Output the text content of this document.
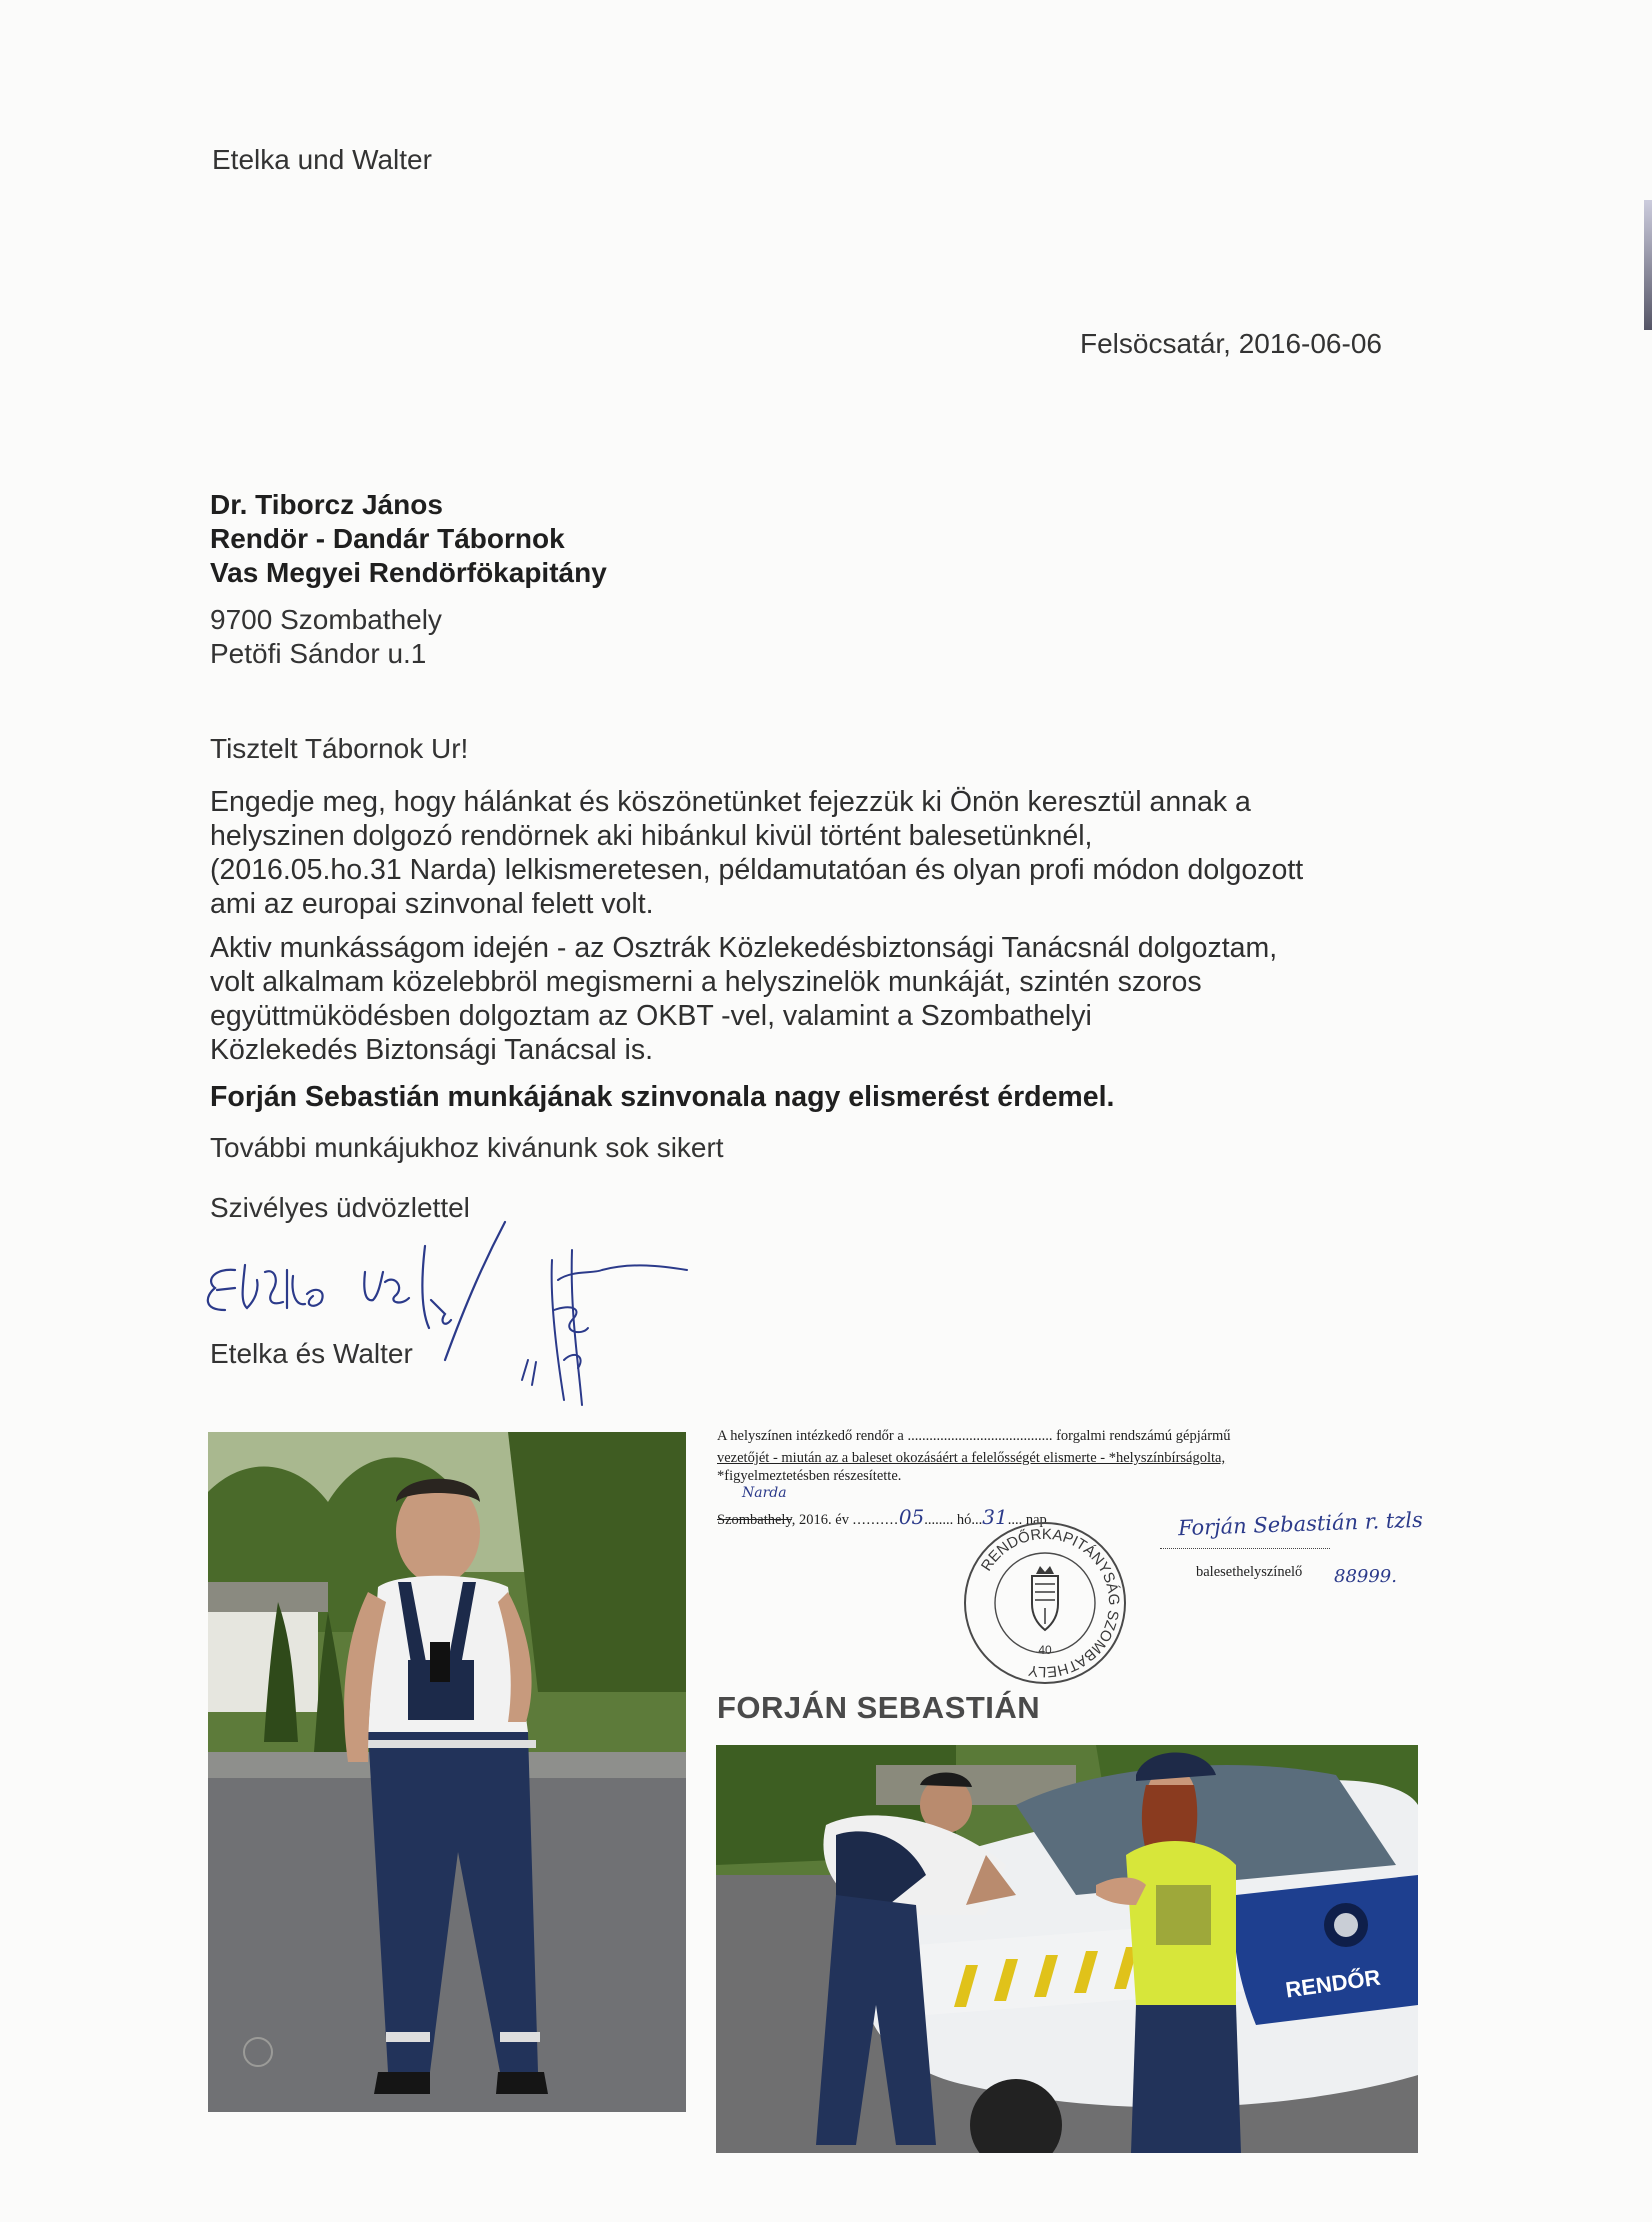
Etelka und Walter
Felsöcsatár, 2016-06-06
Dr. Tiborcz János
Rendör - Dandár Tábornok
Vas Megyei Rendörfökapitány
9700 Szombathely
Petöfi Sándor u.1
Tisztelt Tábornok Ur!
Engedje meg, hogy hálánkat és köszönetünket fejezzük ki Önön keresztül annak a
helyszinen dolgozó rendörnek aki hibánkul kivül történt balesetünknél,
(2016.05.ho.31 Narda) lelkismeretesen, példamutatóan és olyan profi módon dolgozott
ami az europai szinvonal felett volt.
Aktiv munkásságom idején - az Osztrák Közlekedésbiztonsági Tanácsnál dolgoztam,
volt alkalmam közelebbröl megismerni a helyszinelök munkáját, szintén szoros
együttmüködésben dolgoztam az OKBT -vel, valamint a Szombathelyi
Közlekedés Biztonsági Tanácsal is.
Forján Sebastián munkájának szinvonala nagy elismerést érdemel.
További munkájukhoz kivánunk sok sikert
Szivélyes üdvözlettel
Etelka és Walter
A helyszínen intézkedő rendőr a ........................................ forgalmi rendszámú gépjármű
vezetőjét - miután az a baleset okozásáért a felelősségét elismerte - *helyszínbírságolta,
*figyelmeztetésben részesítette.
Narda
Szombathely, 2016. év ..........05........ hó...31.... nap	Forján Sebastián r. tzls
balesethelyszínelő 88999.
RENDŐRKAPITÁNYSÁG SZOMBATHELY
40
FORJÁN SEBASTIÁN
RENDŐR
